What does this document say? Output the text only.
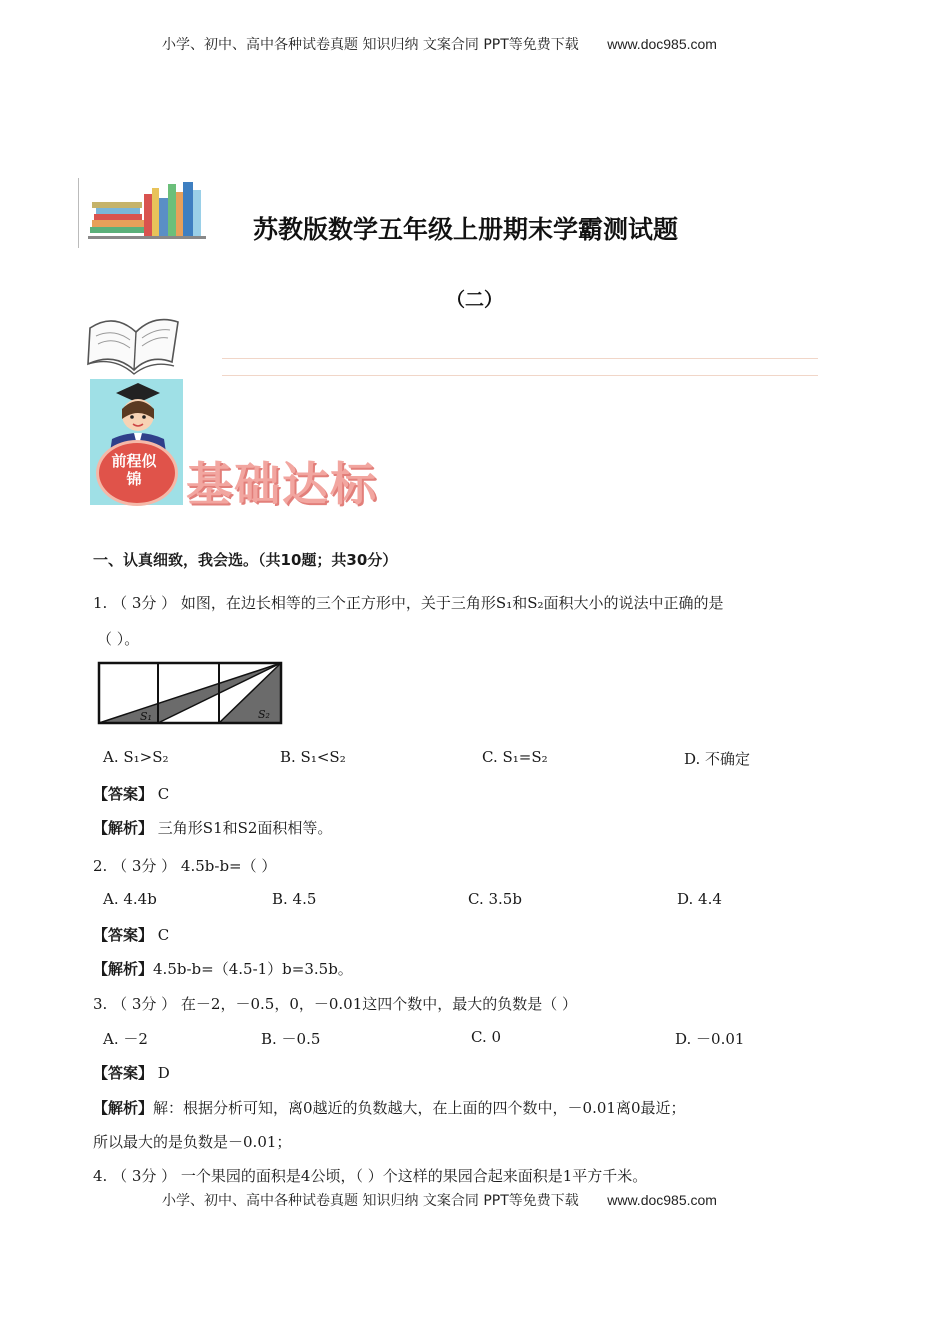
小学、初中、高中各种试卷真题 知识归纳 文案合同 PPT等免费下载 www.doc985.com
苏教版数学五年级上册期末学霸测试题
（二）
前程似锦 基础达标
一、认真细致，我会选。（共10题；共30分）
1. （ 3分 ） 如图，在边长相等的三个正方形中，关于三角形S₁和S₂面积大小的说法中正确的是
（ ）。
S₁	S₂
A. S₁>S₂	B. S₁<S₂	C. S₁=S₂	D. 不确定
【答案】 C
【解析】 三角形S1和S2面积相等。
2. （ 3分 ） 4.5b-b=（ ）
A. 4.4b	B. 4.5	C. 3.5b	D. 4.4
【答案】 C
【解析】4.5b-b=（4.5-1）b=3.5b。
3. （ 3分 ） 在－2，－0.5，0，－0.01这四个数中，最大的负数是（ ）
A. －2	B. －0.5	C. 0	D. －0.01
【答案】 D
【解析】解：根据分析可知，离0越近的负数越大，在上面的四个数中，－0.01离0最近；
所以最大的是负数是－0.01；
4. （ 3分 ） 一个果园的面积是4公顷，（ ）个这样的果园合起来面积是1平方千米。
小学、初中、高中各种试卷真题 知识归纳 文案合同 PPT等免费下载 www.doc985.com
